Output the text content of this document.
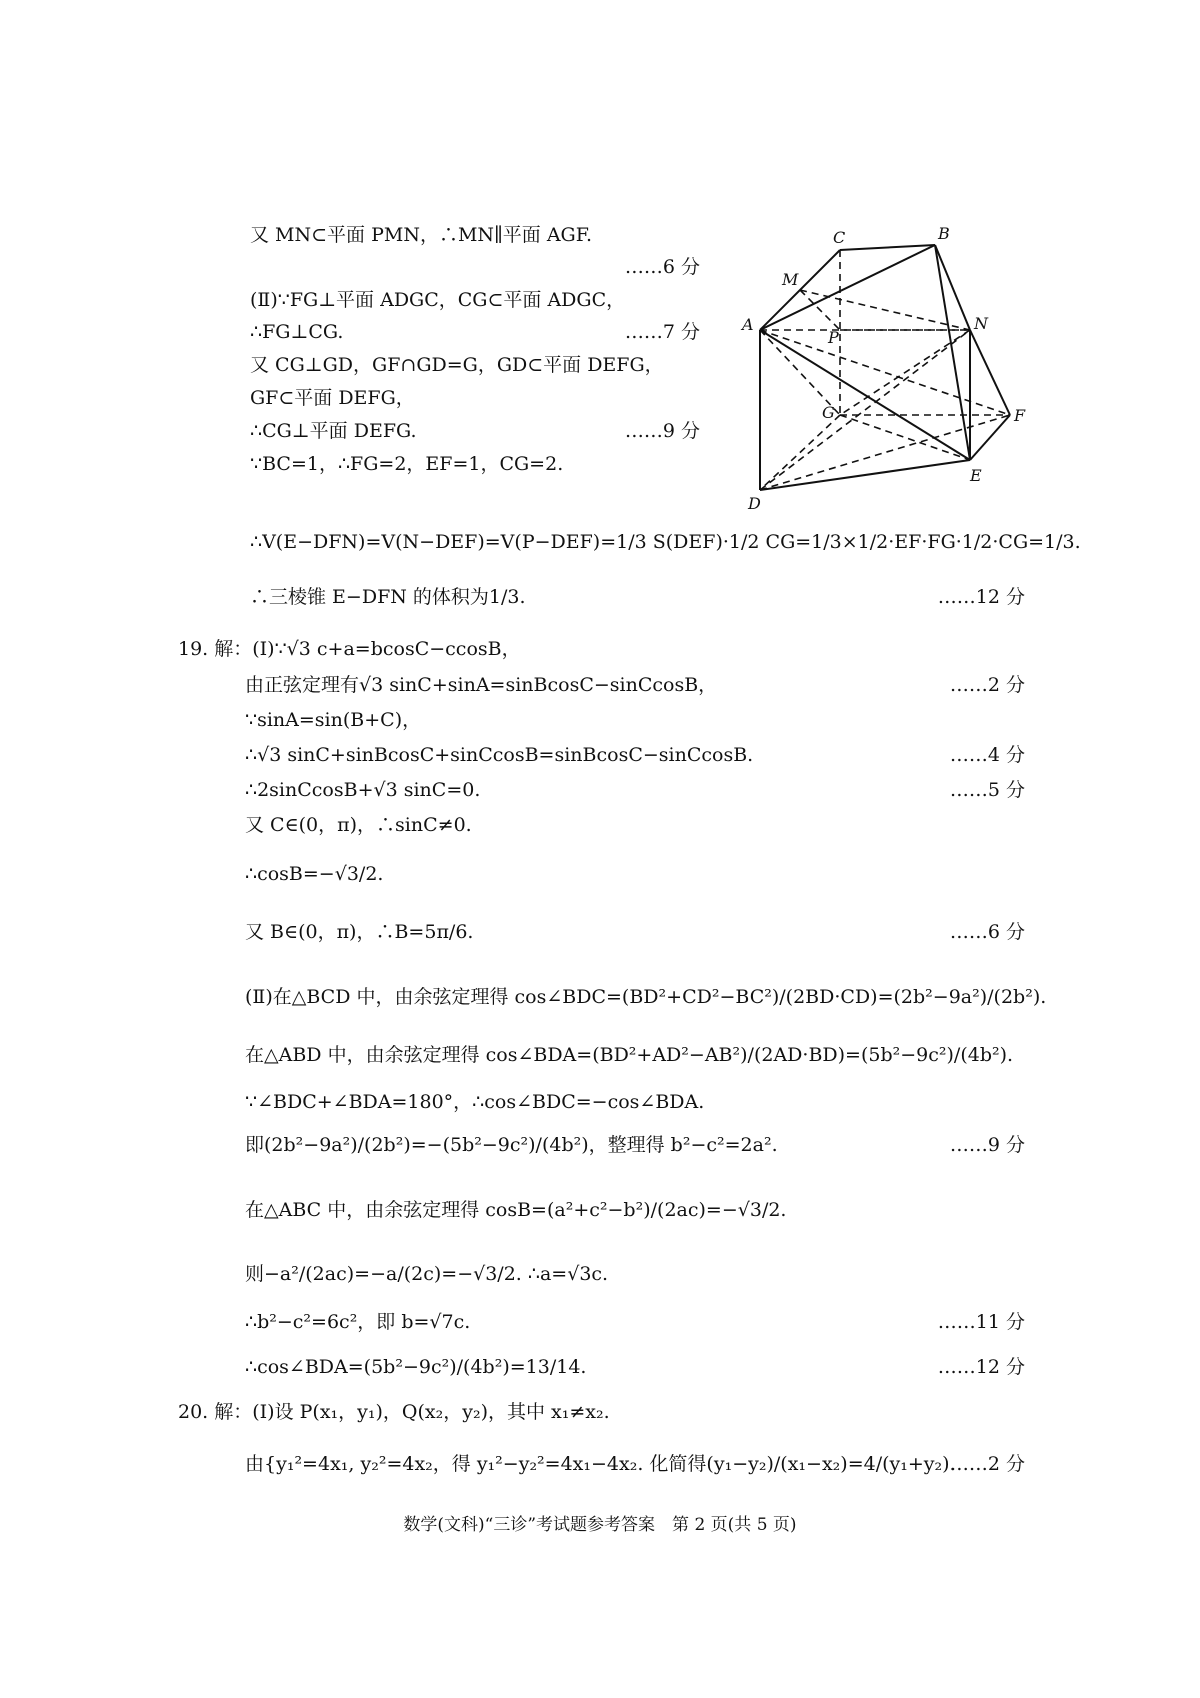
又 MN⊂平面 PMN，∴MN∥平面 AGF.
……6 分
(Ⅱ)∵FG⊥平面 ADGC，CG⊂平面 ADGC，
∴FG⊥CG.	……7 分
又 CG⊥GD，GF∩GD=G，GD⊂平面 DEFG，
GF⊂平面 DEFG，
∴CG⊥平面 DEFG.	……9 分
∵BC=1，∴FG=2，EF=1，CG=2.
∴V(E−DFN)=V(N−DEF)=V(P−DEF)=1/3 S(DEF)·1/2 CG=1/3×1/2·EF·FG·1/2·CG=1/3.
∴三棱锥 E−DFN 的体积为1/3.	……12 分
C	B
M
A
P
N
G	F
E
D
19. 解：(Ⅰ)∵√3 c+a=bcosC−ccosB，
由正弦定理有√3 sinC+sinA=sinBcosC−sinCcosB，	……2 分
∵sinA=sin(B+C)，
∴√3 sinC+sinBcosC+sinCcosB=sinBcosC−sinCcosB.	……4 分
∴2sinCcosB+√3 sinC=0.	……5 分
又 C∈(0，π)，∴sinC≠0.
∴cosB=−√3/2.
又 B∈(0，π)，∴B=5π/6.	……6 分
(Ⅱ)在△BCD 中，由余弦定理得 cos∠BDC=(BD²+CD²−BC²)/(2BD·CD)=(2b²−9a²)/(2b²).
在△ABD 中，由余弦定理得 cos∠BDA=(BD²+AD²−AB²)/(2AD·BD)=(5b²−9c²)/(4b²).
∵∠BDC+∠BDA=180°，∴cos∠BDC=−cos∠BDA.
即(2b²−9a²)/(2b²)=−(5b²−9c²)/(4b²)，整理得 b²−c²=2a².	……9 分
在△ABC 中，由余弦定理得 cosB=(a²+c²−b²)/(2ac)=−√3/2.
则−a²/(2ac)=−a/(2c)=−√3/2. ∴a=√3c.
∴b²−c²=6c²，即 b=√7c.	……11 分
∴cos∠BDA=(5b²−9c²)/(4b²)=13/14.	……12 分
20. 解：(Ⅰ)设 P(x₁，y₁)，Q(x₂，y₂)，其中 x₁≠x₂.
由{y₁²=4x₁, y₂²=4x₂，得 y₁²−y₂²=4x₁−4x₂. 化简得(y₁−y₂)/(x₁−x₂)=4/(y₁+y₂).
……2 分
数学(文科)“三诊”考试题参考答案　第 2 页(共 5 页)
